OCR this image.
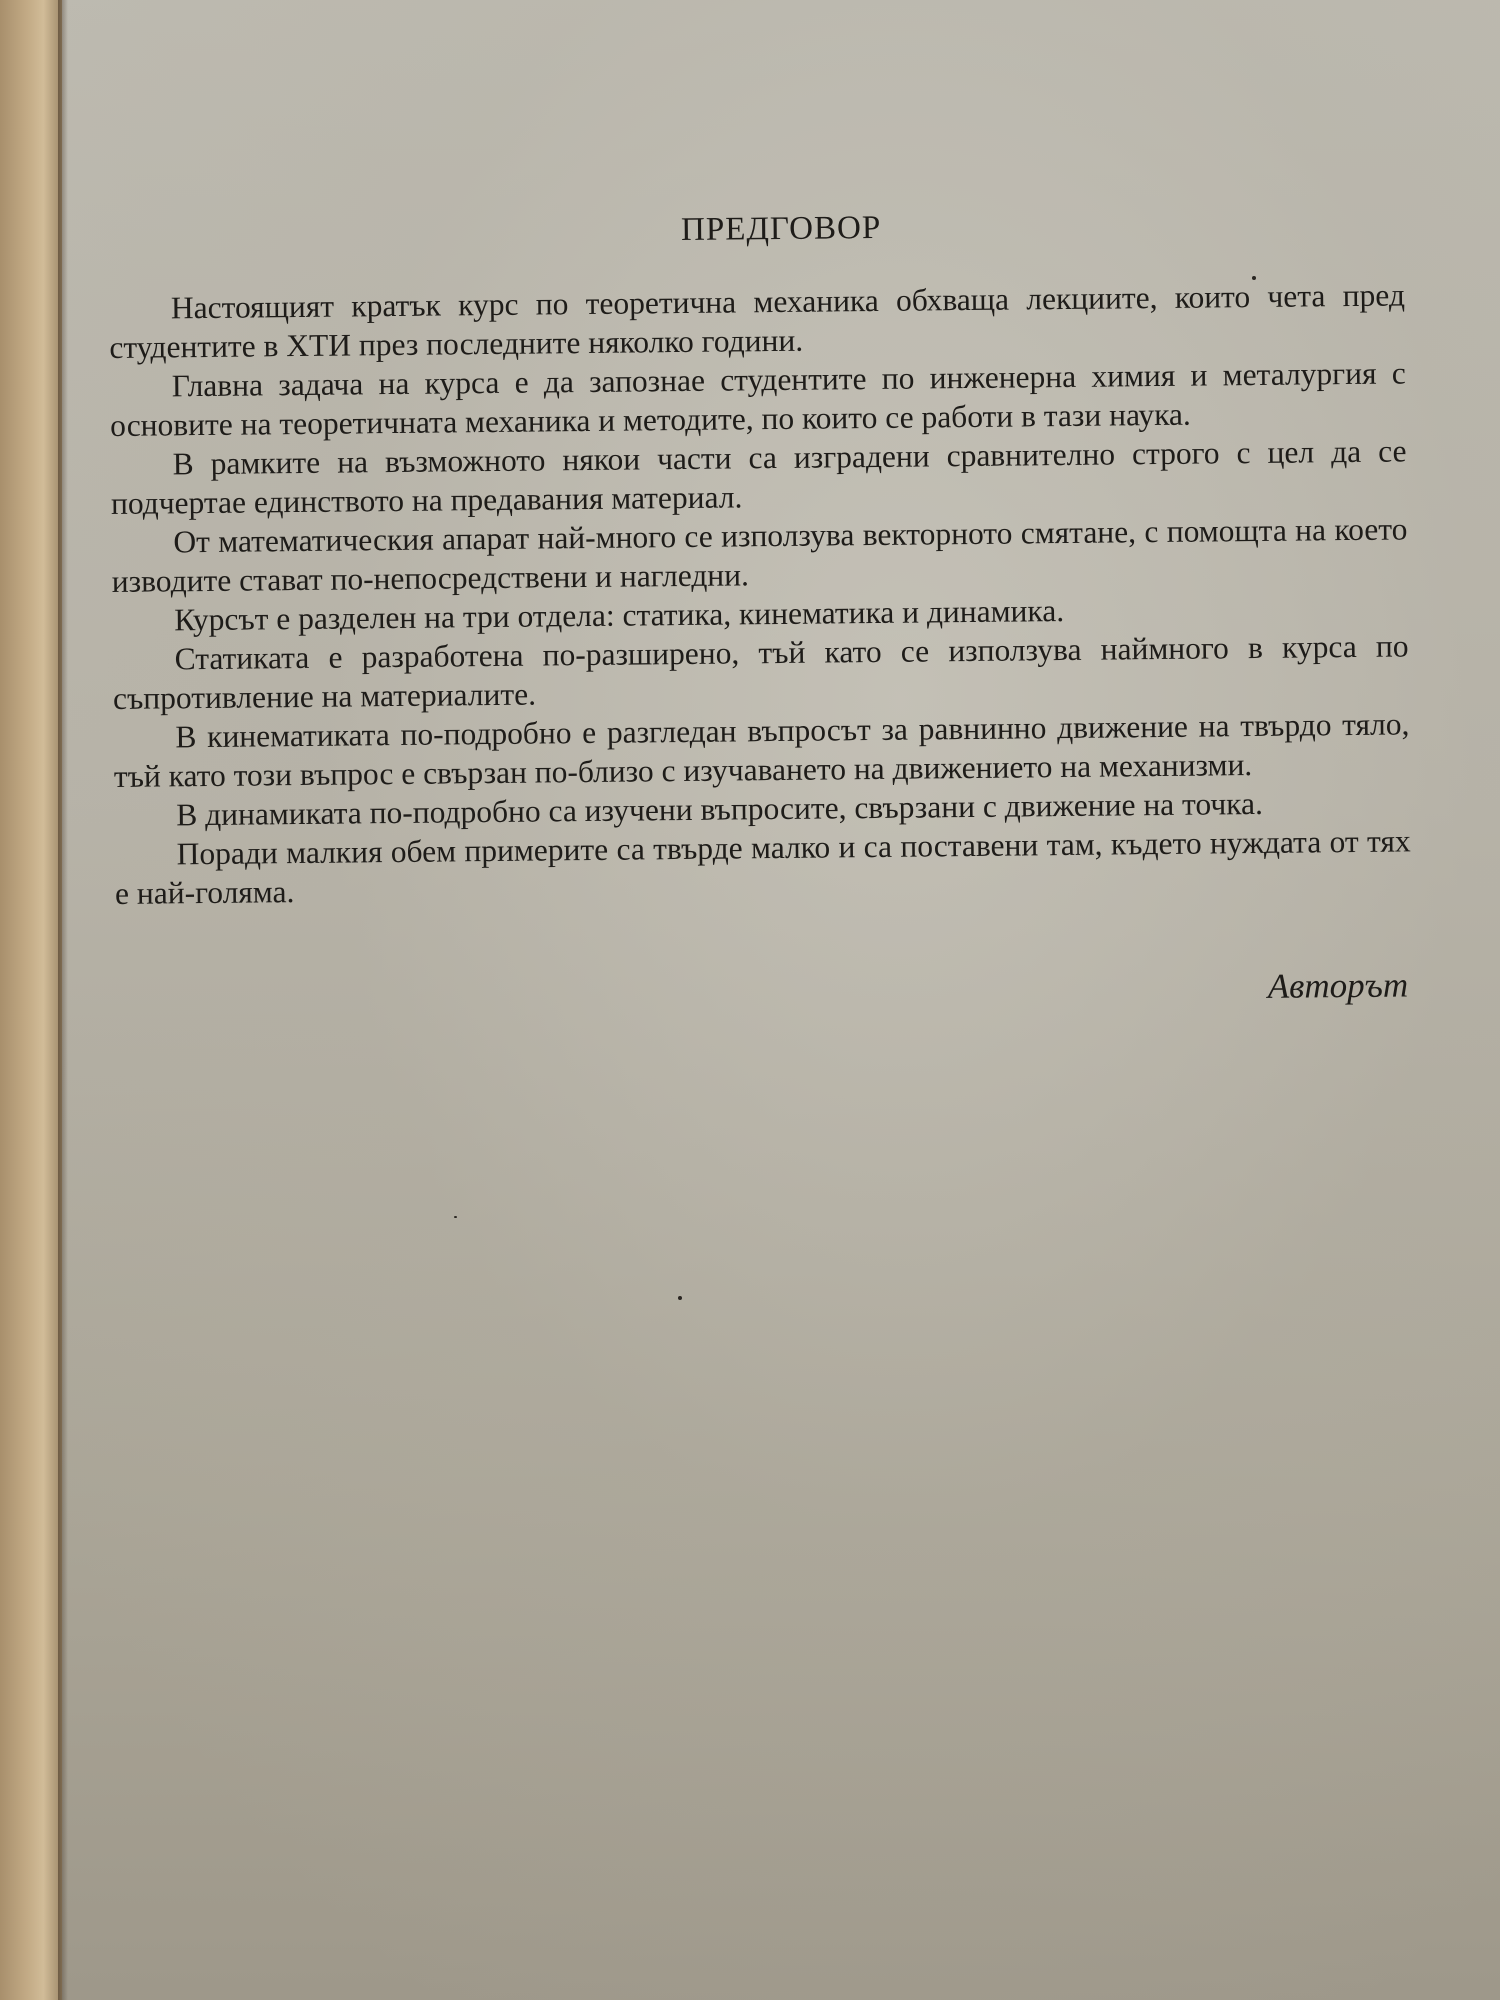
ПРЕДГОВОР

Настоящият кратък курс по теоретична механика обхваща лекциите, които чета пред студентите в ХТИ през последните няколко години.

Главна задача на курса е да запознае студентите по инженерна химия и металургия с основите на теоретичната механика и методите, по които се работи в тази наука.

В рамките на възможното някои части са изградени сравнително строго с цел да се подчертае единството на предавания материал.

От математическия апарат най-много се използува векторното смятане, с помощта на което изводите стават по-непосредствени и нагледни.

Курсът е разделен на три отдела: статика, кинематика и динамика.

Статиката е разработена по-разширено, тъй като се използува наймного в курса по съпротивление на материалите.

В кинематиката по-подробно е разгледан въпросът за равнинно движение на твърдо тяло, тъй като този въпрос е свързан по-близо с изучаването на движението на механизми.

В динамиката по-подробно са изучени въпросите, свързани с движение на точка.

Поради малкия обем примерите са твърде малко и са поставени там, където нуждата от тях е най-голяма.

Авторът
